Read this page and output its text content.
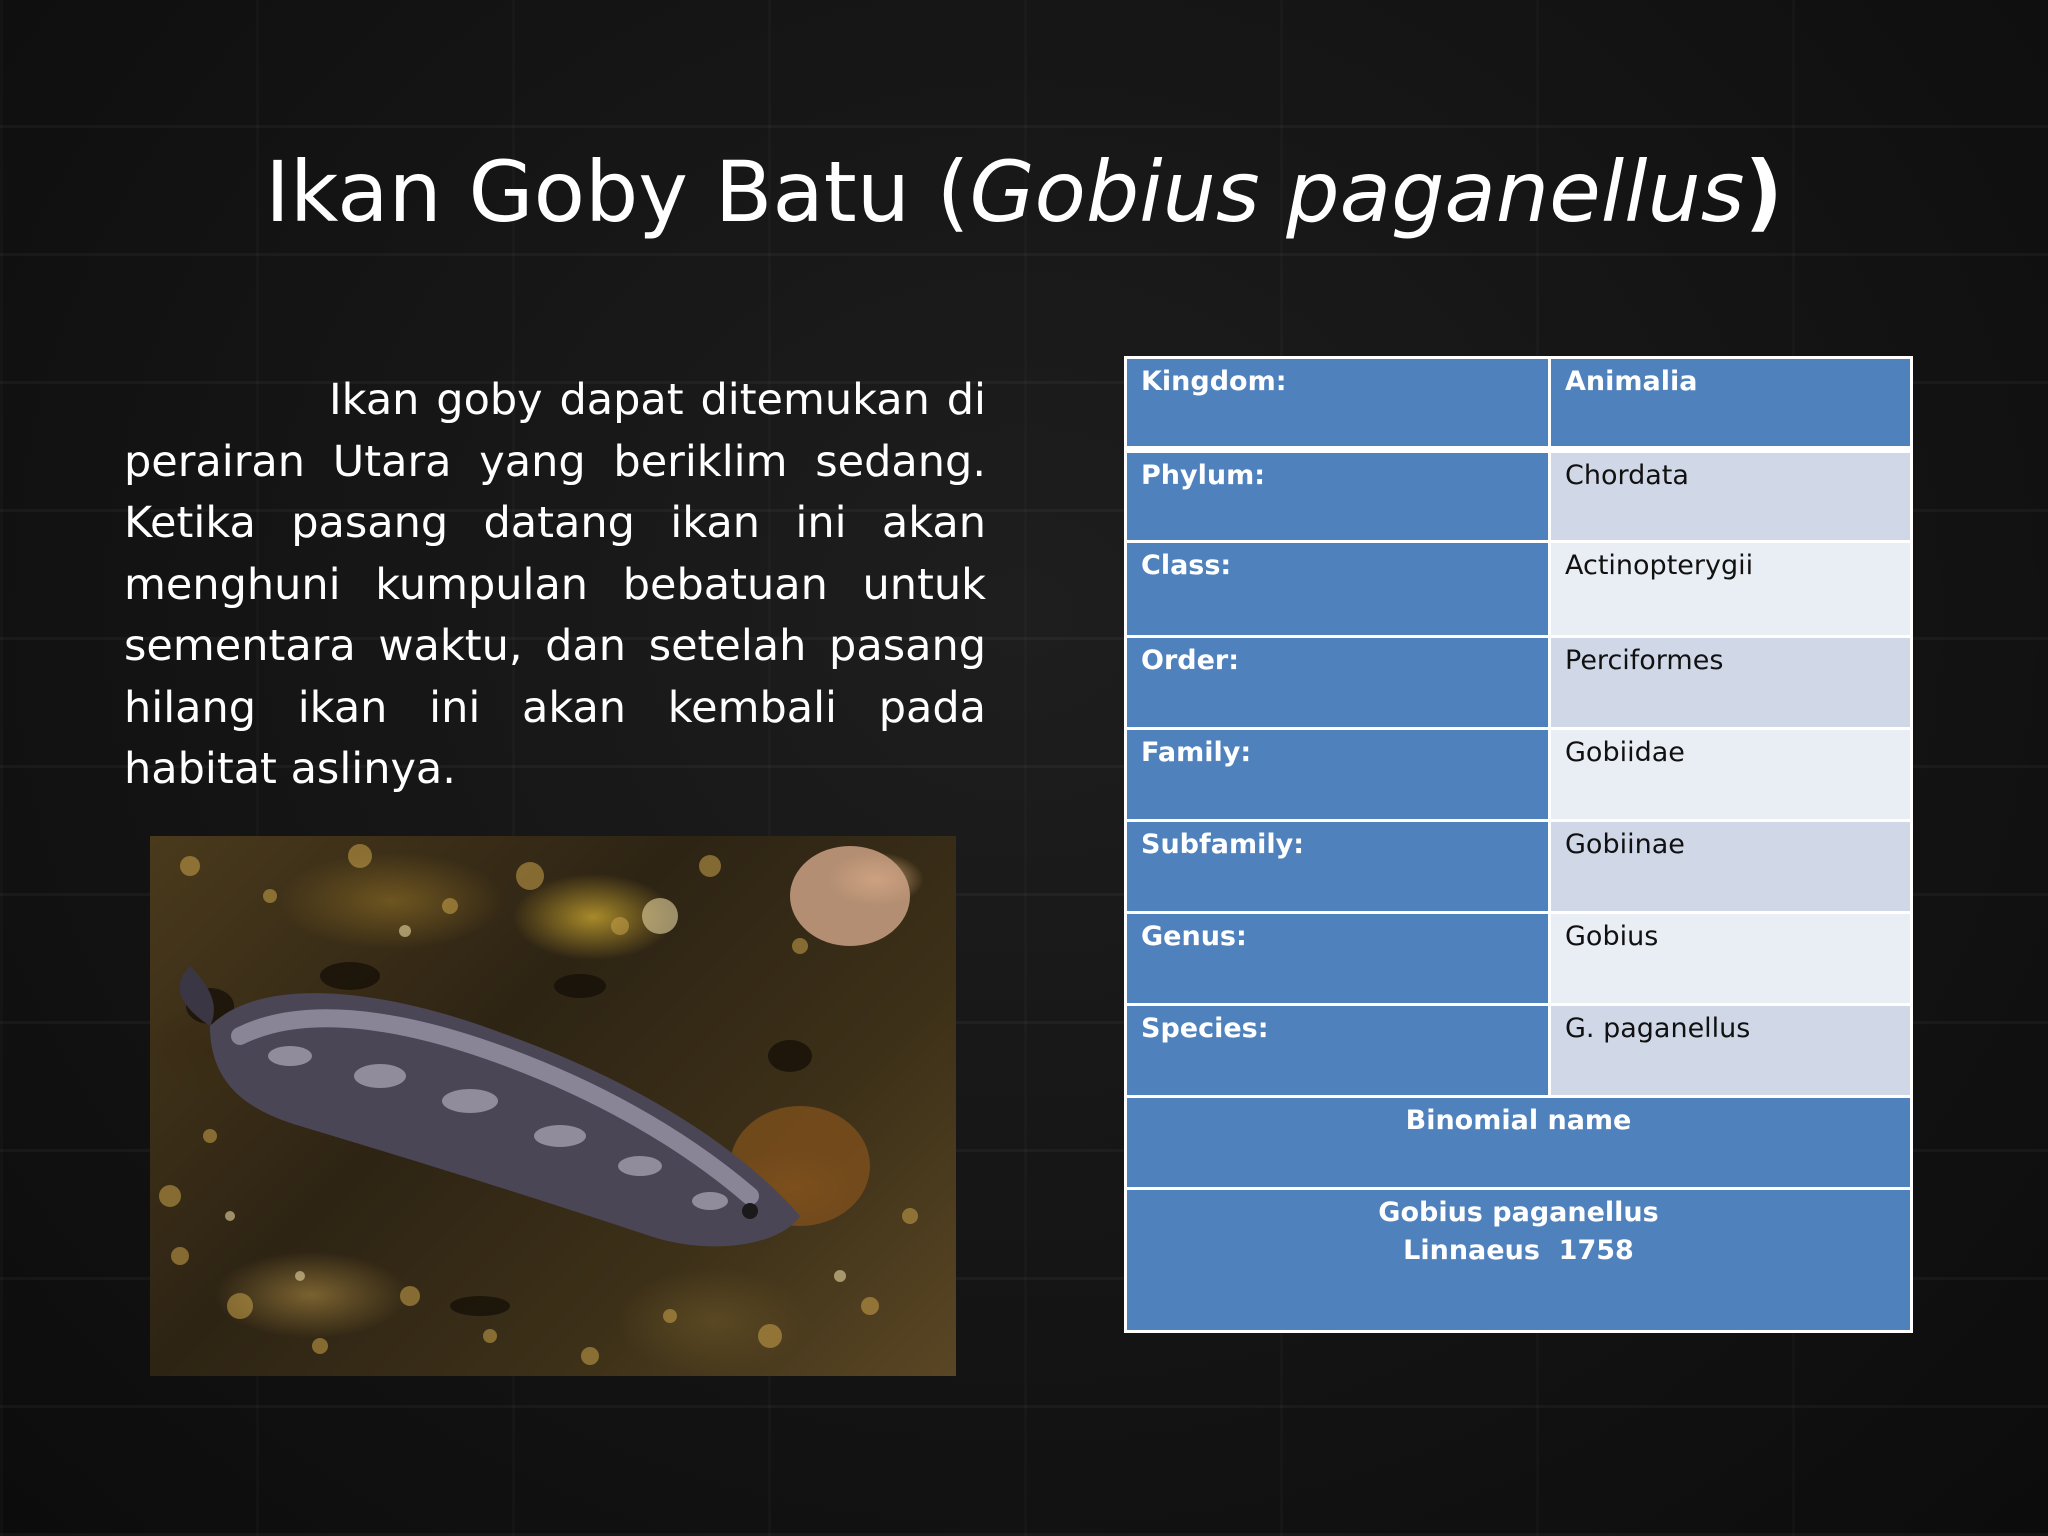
Ikan Goby Batu (Gobius paganellus)

Ikan goby dapat ditemukan di perairan Utara yang beriklim sedang. Ketika pasang datang ikan ini akan menghuni kumpulan bebatuan untuk sementara waktu, dan setelah pasang hilang ikan ini akan kembali pada habitat aslinya.

Kingdom:	Animalia
Phylum:	Chordata
Class:	Actinopterygii
Order:	Perciformes
Family:	Gobiidae
Subfamily:	Gobiinae
Genus:	Gobius
Species:	G. paganellus
Binomial name	

Gobius paganellus
Linnaeus  1758	
